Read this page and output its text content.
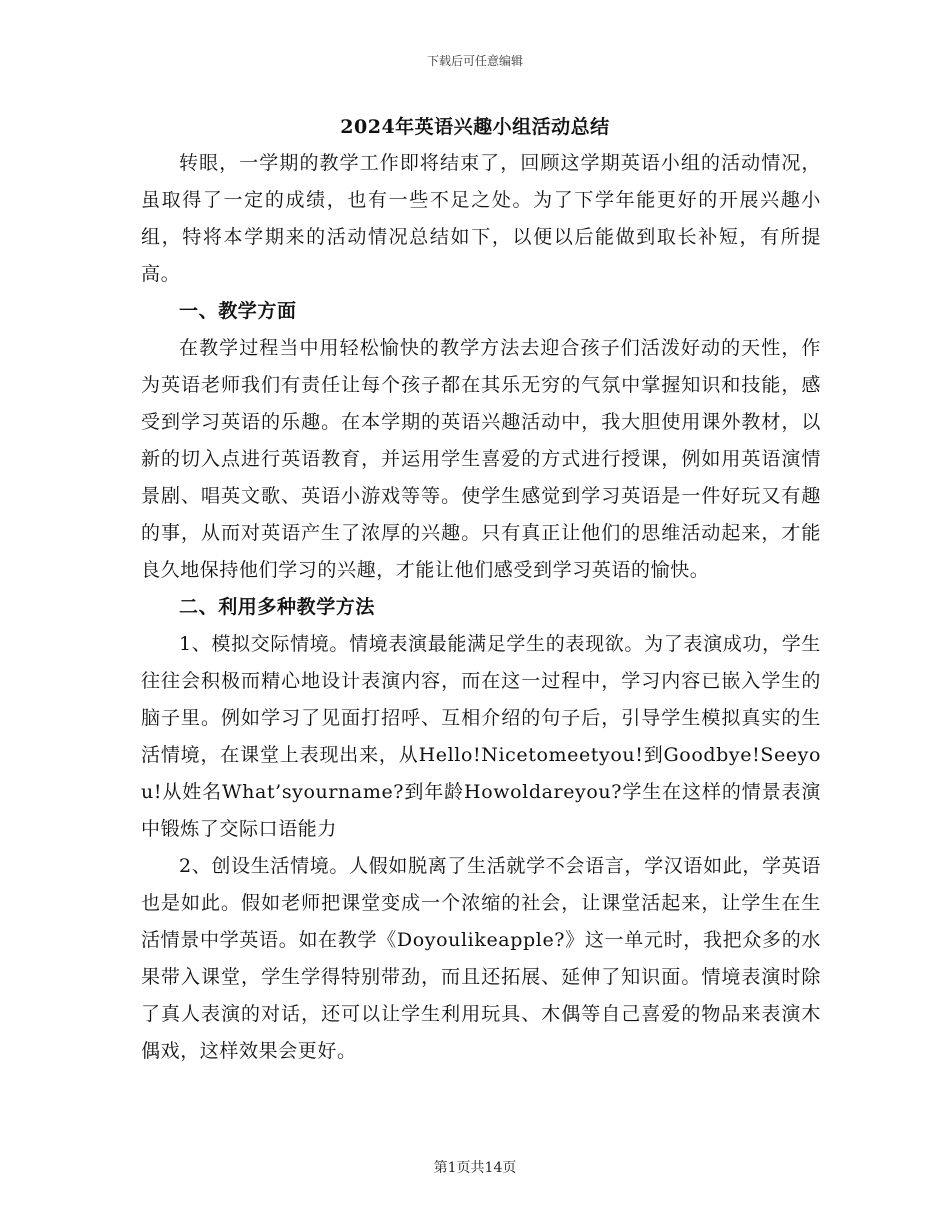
下载后可任意编辑
2024年英语兴趣小组活动总结

转眼，一学期的教学工作即将结束了，回顾这学期英语小组的活动情况，虽取得了一定的成绩，也有一些不足之处。为了下学年能更好的开展兴趣小组，特将本学期来的活动情况总结如下，以便以后能做到取长补短，有所提高。

一、教学方面

在教学过程当中用轻松愉快的教学方法去迎合孩子们活泼好动的天性，作为英语老师我们有责任让每个孩子都在其乐无穷的气氛中掌握知识和技能，感受到学习英语的乐趣。在本学期的英语兴趣活动中，我大胆使用课外教材，以新的切入点进行英语教育，并运用学生喜爱的方式进行授课，例如用英语演情景剧、唱英文歌、英语小游戏等等。使学生感觉到学习英语是一件好玩又有趣的事，从而对英语产生了浓厚的兴趣。只有真正让他们的思维活动起来，才能良久地保持他们学习的兴趣，才能让他们感受到学习英语的愉快。

二、利用多种教学方法

1、模拟交际情境。情境表演最能满足学生的表现欲。为了表演成功，学生往往会积极而精心地设计表演内容，而在这一过程中，学习内容已嵌入学生的脑子里。例如学习了见面打招呼、互相介绍的句子后，引导学生模拟真实的生活情境，在课堂上表现出来，从Hello!Nicetomeetyou!到Goodbye!Seeyou!从姓名What’syourname?到年龄Howoldareyou?学生在这样的情景表演中锻炼了交际口语能力

2、创设生活情境。人假如脱离了生活就学不会语言，学汉语如此，学英语也是如此。假如老师把课堂变成一个浓缩的社会，让课堂活起来，让学生在生活情景中学英语。如在教学《Doyoulikeapple?》这一单元时，我把众多的水果带入课堂，学生学得特别带劲，而且还拓展、延伸了知识面。情境表演时除了真人表演的对话，还可以让学生利用玩具、木偶等自己喜爱的物品来表演木偶戏，这样效果会更好。

第1页共14页
